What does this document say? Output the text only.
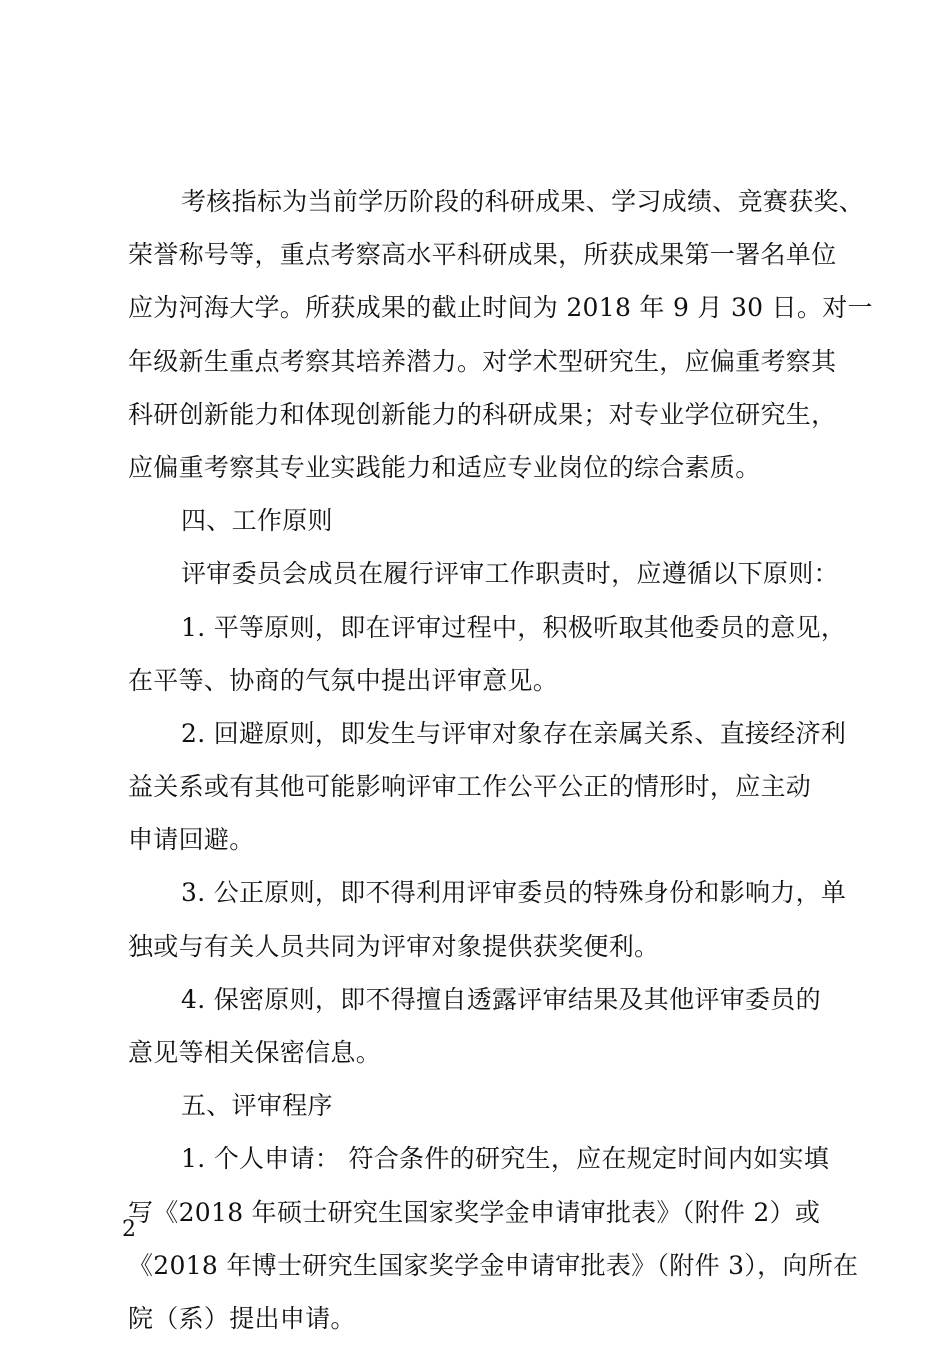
考核指标为当前学历阶段的科研成果、学习成绩、竞赛获奖、
荣誉称号等，重点考察高水平科研成果，所获成果第一署名单位
应为河海大学。所获成果的截止时间为 2018 年 9 月 30 日。对一
年级新生重点考察其培养潜力。对学术型研究生，应偏重考察其
科研创新能力和体现创新能力的科研成果；对专业学位研究生，
应偏重考察其专业实践能力和适应专业岗位的综合素质。
四、工作原则
评审委员会成员在履行评审工作职责时，应遵循以下原则：
1. 平等原则，即在评审过程中，积极听取其他委员的意见，
在平等、协商的气氛中提出评审意见。
2. 回避原则，即发生与评审对象存在亲属关系、直接经济利
益关系或有其他可能影响评审工作公平公正的情形时，应主动
申请回避。
3. 公正原则，即不得利用评审委员的特殊身份和影响力，单
独或与有关人员共同为评审对象提供获奖便利。
4. 保密原则，即不得擅自透露评审结果及其他评审委员的
意见等相关保密信息。
五、评审程序
1. 个人申请： 符合条件的研究生，应在规定时间内如实填
写《2018 年硕士研究生国家奖学金申请审批表》（附件 2）或
《2018 年博士研究生国家奖学金申请审批表》（附件 3），向所在
院（系）提出申请。
2
